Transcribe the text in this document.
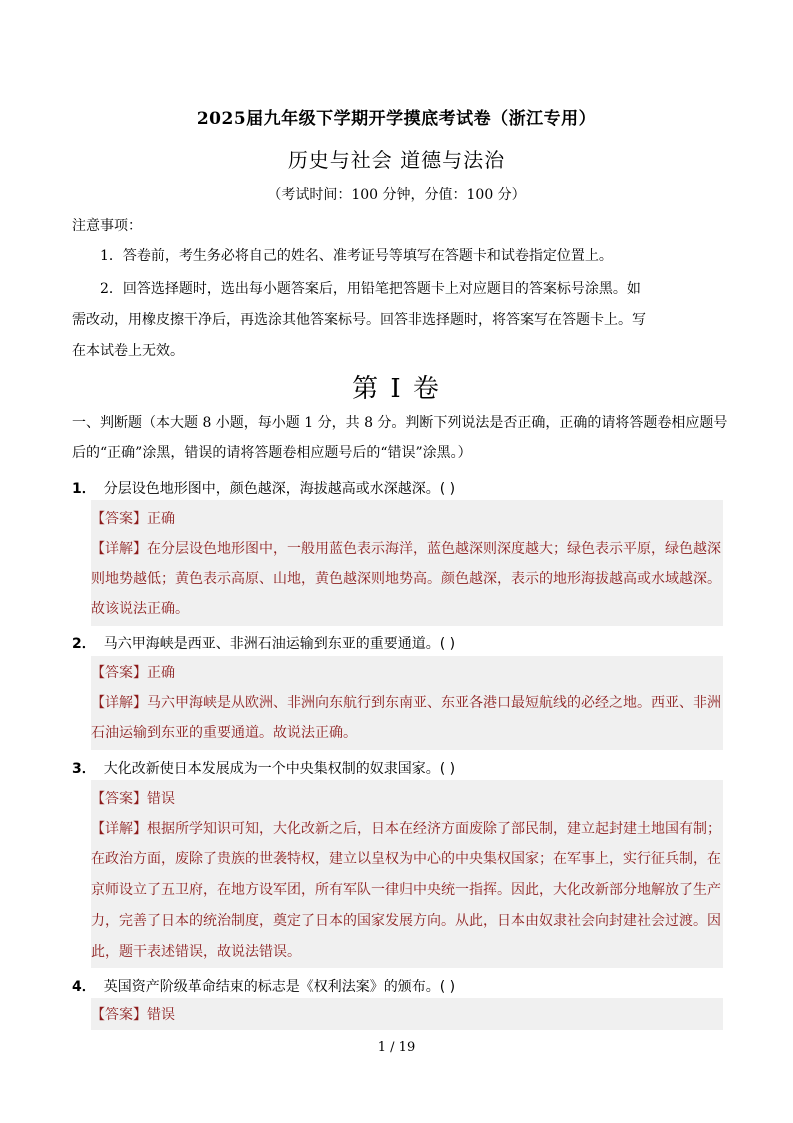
2025届九年级下学期开学摸底考试卷（浙江专用）
历史与社会 道德与法治
（考试时间：100 分钟，分值：100 分）
注意事项：
1．答卷前，考生务必将自己的姓名、准考证号等填写在答题卡和试卷指定位置上。
2．回答选择题时，选出每小题答案后，用铅笔把答题卡上对应题目的答案标号涂黑。如
需改动，用橡皮擦干净后，再选涂其他答案标号。回答非选择题时，将答案写在答题卡上。写
在本试卷上无效。
第 I 卷
一、判断题（本大题 8 小题，每小题 1 分，共 8 分。判断下列说法是否正确，正确的请将答题卷相应题号
后的“正确”涂黑，错误的请将答题卷相应题号后的“错误”涂黑。）
1． 分层设色地形图中，颜色越深，海拔越高或水深越深。( )
【答案】正确
【详解】在分层设色地形图中，一般用蓝色表示海洋，蓝色越深则深度越大；绿色表示平原，绿色越深
则地势越低；黄色表示高原、山地，黄色越深则地势高。颜色越深，表示的地形海拔越高或水域越深。
故该说法正确。
2． 马六甲海峡是西亚、非洲石油运输到东亚的重要通道。( )
【答案】正确
【详解】马六甲海峡是从欧洲、非洲向东航行到东南亚、东亚各港口最短航线的必经之地。西亚、非洲
石油运输到东亚的重要通道。故说法正确。
3． 大化改新使日本发展成为一个中央集权制的奴隶国家。( )
【答案】错误
【详解】根据所学知识可知，大化改新之后，日本在经济方面废除了部民制，建立起封建土地国有制；
在政治方面，废除了贵族的世袭特权，建立以皇权为中心的中央集权国家；在军事上，实行征兵制，在
京师设立了五卫府，在地方设军团，所有军队一律归中央统一指挥。因此，大化改新部分地解放了生产
力，完善了日本的统治制度，奠定了日本的国家发展方向。从此，日本由奴隶社会向封建社会过渡。因
此，题干表述错误，故说法错误。
4． 英国资产阶级革命结束的标志是《权利法案》的颁布。( )
【答案】错误
1 / 19
